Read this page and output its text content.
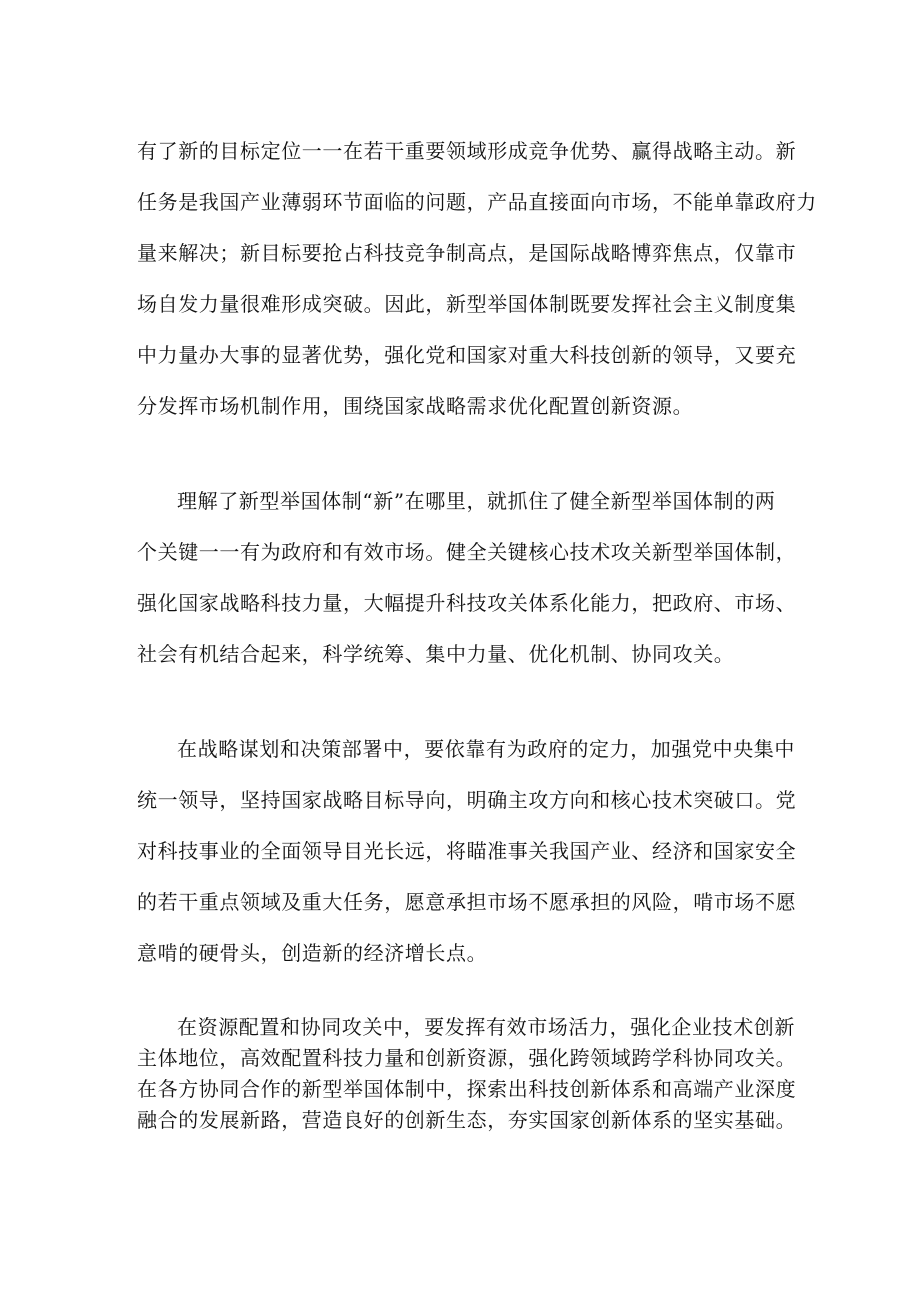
有了新的目标定位一一在若干重要领域形成竞争优势、赢得战略主动。新
任务是我国产业薄弱环节面临的问题，产品直接面向市场，不能单靠政府力
量来解决；新目标要抢占科技竞争制高点，是国际战略博弈焦点，仅靠市
场自发力量很难形成突破。因此，新型举国体制既要发挥社会主义制度集
中力量办大事的显著优势，强化党和国家对重大科技创新的领导，又要充
分发挥市场机制作用，围绕国家战略需求优化配置创新资源。
理解了新型举国体制“新”在哪里，就抓住了健全新型举国体制的两
个关键一一有为政府和有效市场。健全关键核心技术攻关新型举国体制，
强化国家战略科技力量，大幅提升科技攻关体系化能力，把政府、市场、
社会有机结合起来，科学统筹、集中力量、优化机制、协同攻关。
在战略谋划和决策部署中，要依靠有为政府的定力，加强党中央集中
统一领导，坚持国家战略目标导向，明确主攻方向和核心技术突破口。党
对科技事业的全面领导目光长远，将瞄准事关我国产业、经济和国家安全
的若干重点领域及重大任务，愿意承担市场不愿承担的风险，啃市场不愿
意啃的硬骨头，创造新的经济增长点。
在资源配置和协同攻关中，要发挥有效市场活力，强化企业技术创新
主体地位，高效配置科技力量和创新资源，强化跨领域跨学科协同攻关。
在各方协同合作的新型举国体制中，探索出科技创新体系和高端产业深度
融合的发展新路，营造良好的创新生态，夯实国家创新体系的坚实基础。
